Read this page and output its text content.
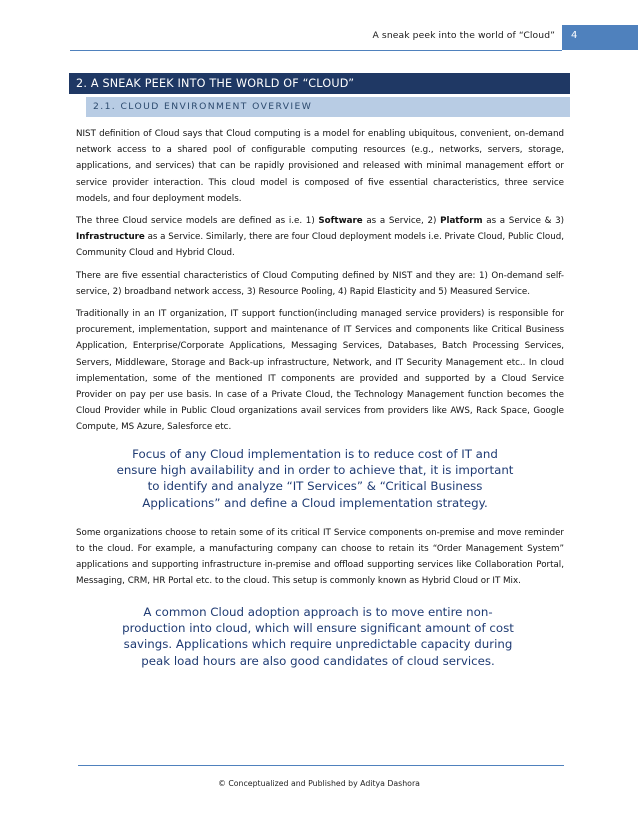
A sneak peek into the world of “Cloud” 4
2. A SNEAK PEEK INTO THE WORLD OF “CLOUD”
2.1. CLOUD ENVIRONMENT OVERVIEW

NIST definition of Cloud says that Cloud computing is a model for enabling ubiquitous, convenient, on-demand network access to a shared pool of configurable computing resources (e.g., networks, servers, storage, applications, and services) that can be rapidly provisioned and released with minimal management effort or service provider interaction. This cloud model is composed of five essential characteristics, three service models, and four deployment models.

The three Cloud service models are defined as i.e. 1) Software as a Service, 2) Platform as a Service & 3) Infrastructure as a Service. Similarly, there are four Cloud deployment models i.e. Private Cloud, Public Cloud, Community Cloud and Hybrid Cloud.

There are five essential characteristics of Cloud Computing defined by NIST and they are: 1) On-demand self-service, 2) broadband network access, 3) Resource Pooling, 4) Rapid Elasticity and 5) Measured Service.

Traditionally in an IT organization, IT support function(including managed service providers) is responsible for procurement, implementation, support and maintenance of IT Services and components like Critical Business Application, Enterprise/Corporate Applications, Messaging Services, Databases, Batch Processing Services, Servers, Middleware, Storage and Back-up infrastructure, Network, and IT Security Management etc.. In cloud implementation, some of the mentioned IT components are provided and supported by a Cloud Service Provider on pay per use basis. In case of a Private Cloud, the Technology Management function becomes the Cloud Provider while in Public Cloud organizations avail services from providers like AWS, Rack Space, Google Compute, MS Azure, Salesforce etc.

Focus of any Cloud implementation is to reduce cost of IT and ensure high availability and in order to achieve that, it is important to identify and analyze “IT Services” & “Critical Business Applications” and define a Cloud implementation strategy.

Some organizations choose to retain some of its critical IT Service components on-premise and move reminder to the cloud. For example, a manufacturing company can choose to retain its “Order Management System” applications and supporting infrastructure in-premise and offload supporting services like Collaboration Portal, Messaging, CRM, HR Portal etc. to the cloud. This setup is commonly known as Hybrid Cloud or IT Mix.

A common Cloud adoption approach is to move entire non-production into cloud, which will ensure significant amount of cost savings. Applications which require unpredictable capacity during peak load hours are also good candidates of cloud services.
© Conceptualized and Published by Aditya Dashora
